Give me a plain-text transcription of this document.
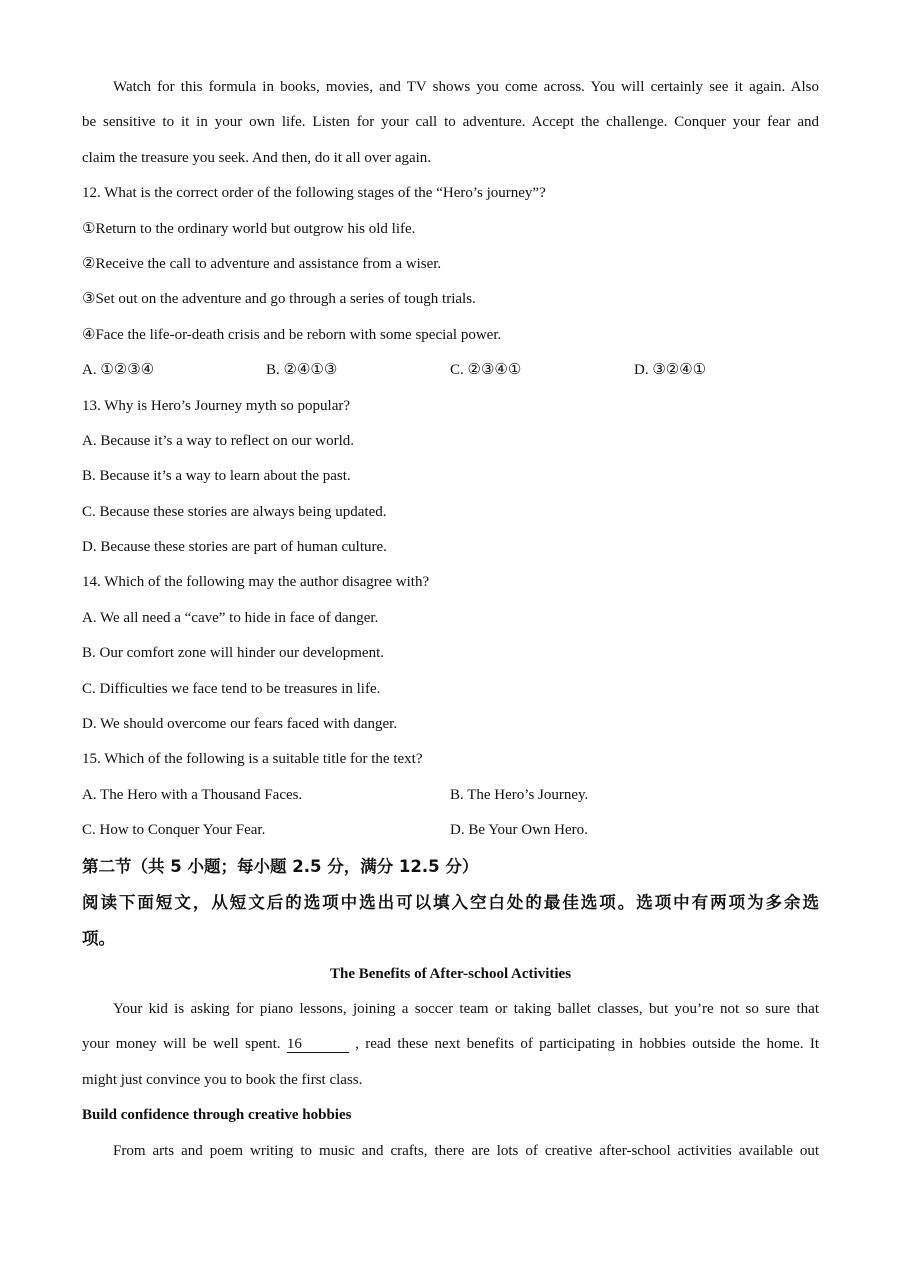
Watch for this formula in books, movies, and TV shows you come across. You will certainly see it again. Also
be sensitive to it in your own life. Listen for your call to adventure. Accept the challenge. Conquer your fear and
claim the treasure you seek. And then, do it all over again.
12. What is the correct order of the following stages of the “Hero’s journey”?
①Return to the ordinary world but outgrow his old life.
②Receive the call to adventure and assistance from a wiser.
③Set out on the adventure and go through a series of tough trials.
④Face the life-or-death crisis and be reborn with some special power.
A. ①②③④	B. ②④①③	C. ②③④①	D. ③②④①
13. Why is Hero’s Journey myth so popular?
A. Because it’s a way to reflect on our world.
B. Because it’s a way to learn about the past.
C. Because these stories are always being updated.
D. Because these stories are part of human culture.
14. Which of the following may the author disagree with?
A. We all need a “cave” to hide in face of danger.
B. Our comfort zone will hinder our development.
C. Difficulties we face tend to be treasures in life.
D. We should overcome our fears faced with danger.
15. Which of the following is a suitable title for the text?
A. The Hero with a Thousand Faces.	B. The Hero’s Journey.
C. How to Conquer Your Fear.	D. Be Your Own Hero.
第二节（共 5 小题；每小题 2.5 分，满分 12.5 分）
阅读下面短文，从短文后的选项中选出可以填入空白处的最佳选项。选项中有两项为多余选
项。
The Benefits of After-school Activities
Your kid is asking for piano lessons, joining a soccer team or taking ballet classes, but you’re not so sure that
your money will be well spent. 16	, read these next benefits of participating in hobbies outside the home. It
might just convince you to book the first class.
Build confidence through creative hobbies
From arts and poem writing to music and crafts, there are lots of creative after-school activities available out
